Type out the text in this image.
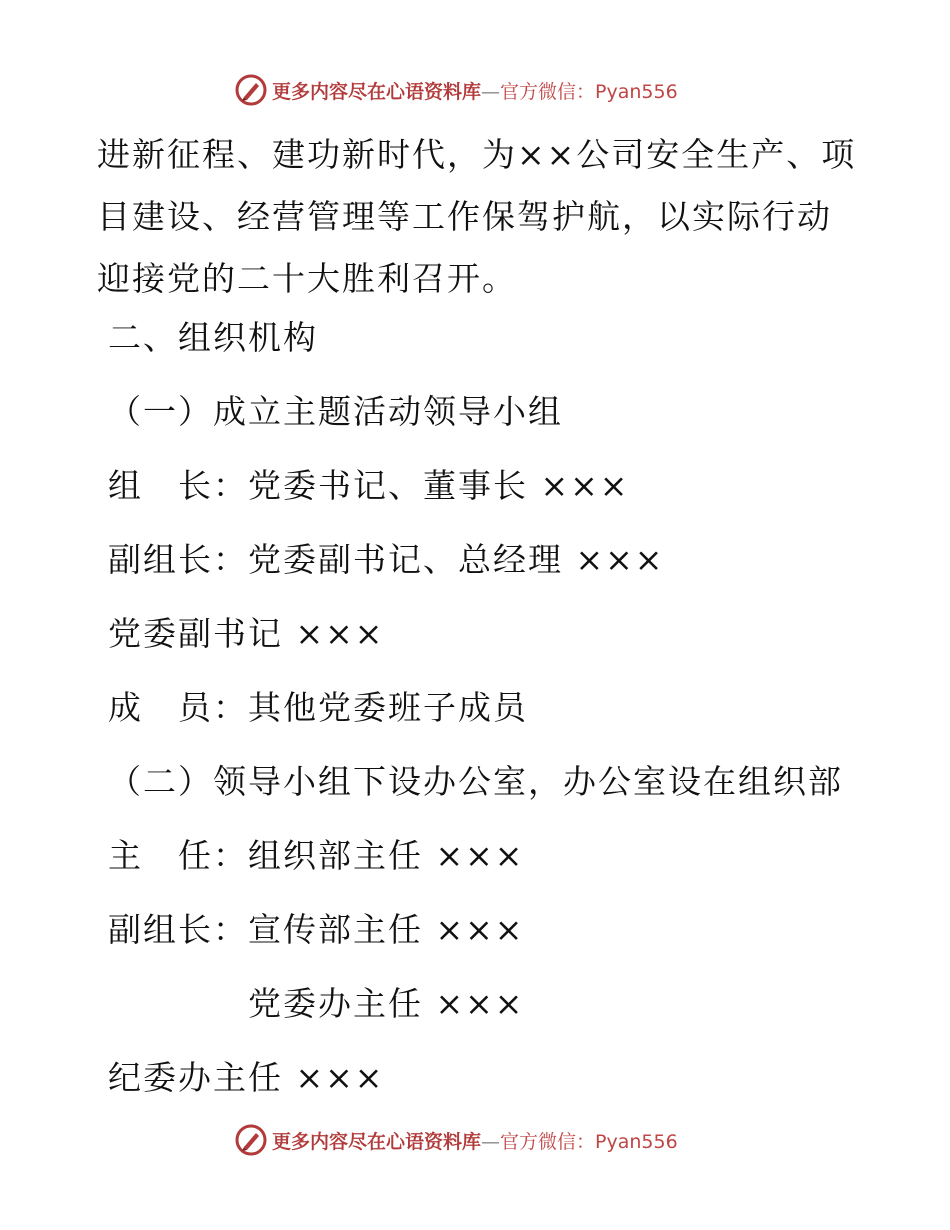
更多内容尽在心语资料库—官方微信：Pyan556
进新征程、建功新时代，为××公司安全生产、项目建设、经营管理等工作保驾护航，以实际行动迎接党的二十大胜利召开。
二、组织机构
（一）成立主题活动领导小组
组　长：党委书记、董事长 ×××
副组长：党委副书记、总经理 ×××
党委副书记 ×××
成　员：其他党委班子成员
（二）领导小组下设办公室，办公室设在组织部
主　任：组织部主任 ×××
副组长：宣传部主任 ×××
　　　　党委办主任 ×××
纪委办主任 ×××
更多内容尽在心语资料库—官方微信：Pyan556
